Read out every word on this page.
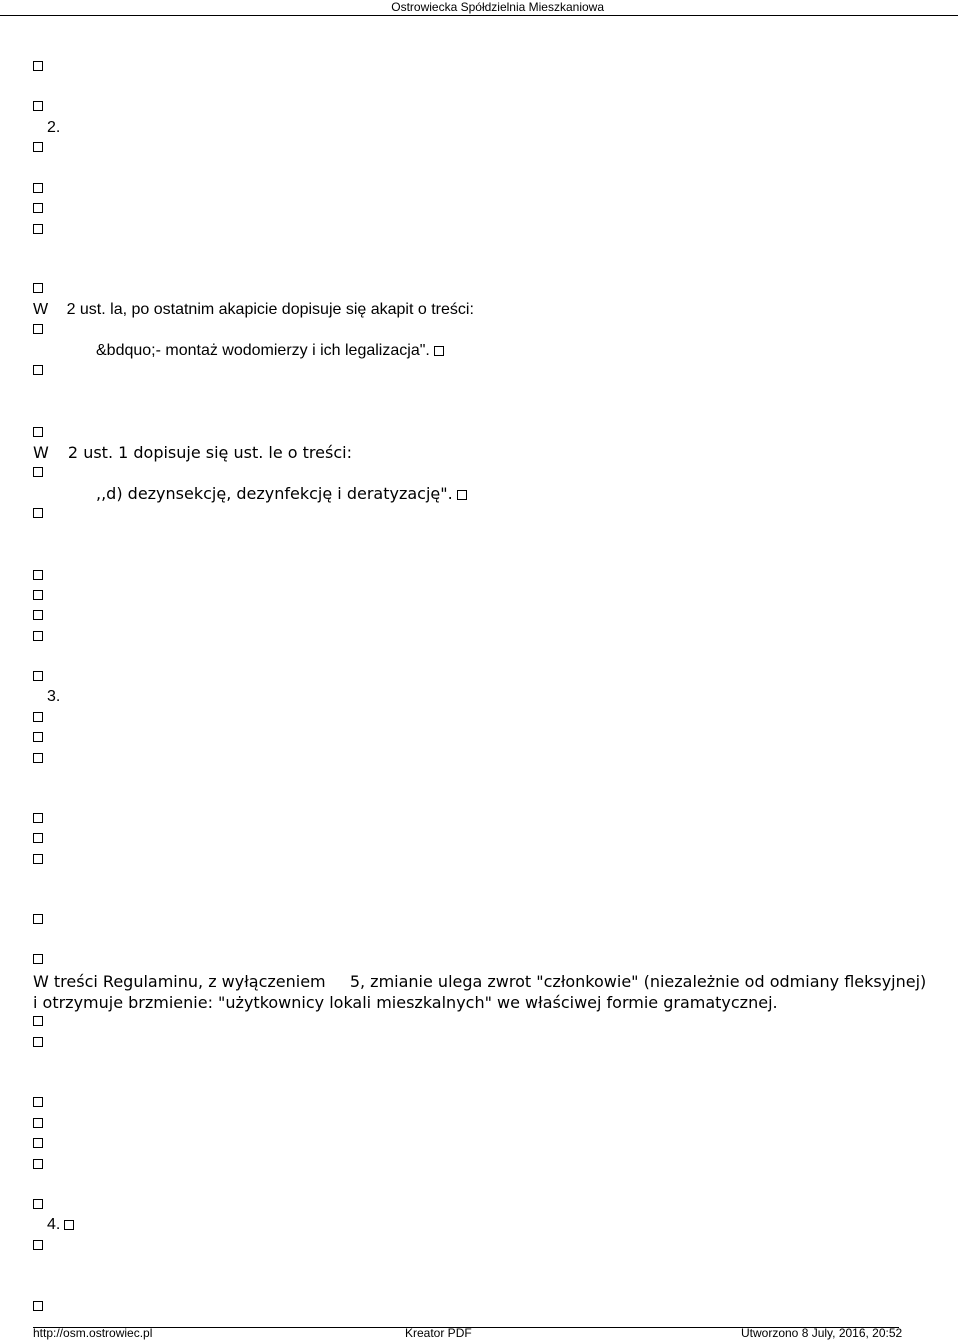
Ostrowiecka Spółdzielnia Mieszkaniowa
2.
W 2 ust. la, po ostatnim akapicie dopisuje się akapit o treści:
&bdquo;- montaż wodomierzy i ich legalizacja".
W 2 ust. 1 dopisuje się ust. le o treści:
,,d) dezynsekcję, dezynfekcję i deratyzację".
3.

W treści Regulaminu, z wyłączeniem 5, zmianie ulega zwrot "członkowie" (niezależnie od odmiany fleksyjnej) i otrzymuje brzmienie: "użytkownicy lokali mieszkalnych" we właściwej formie gramatycznej.

4.
http://osm.ostrowiec.pl	Kreator PDF	Utworzono 8 July, 2016, 20:52
